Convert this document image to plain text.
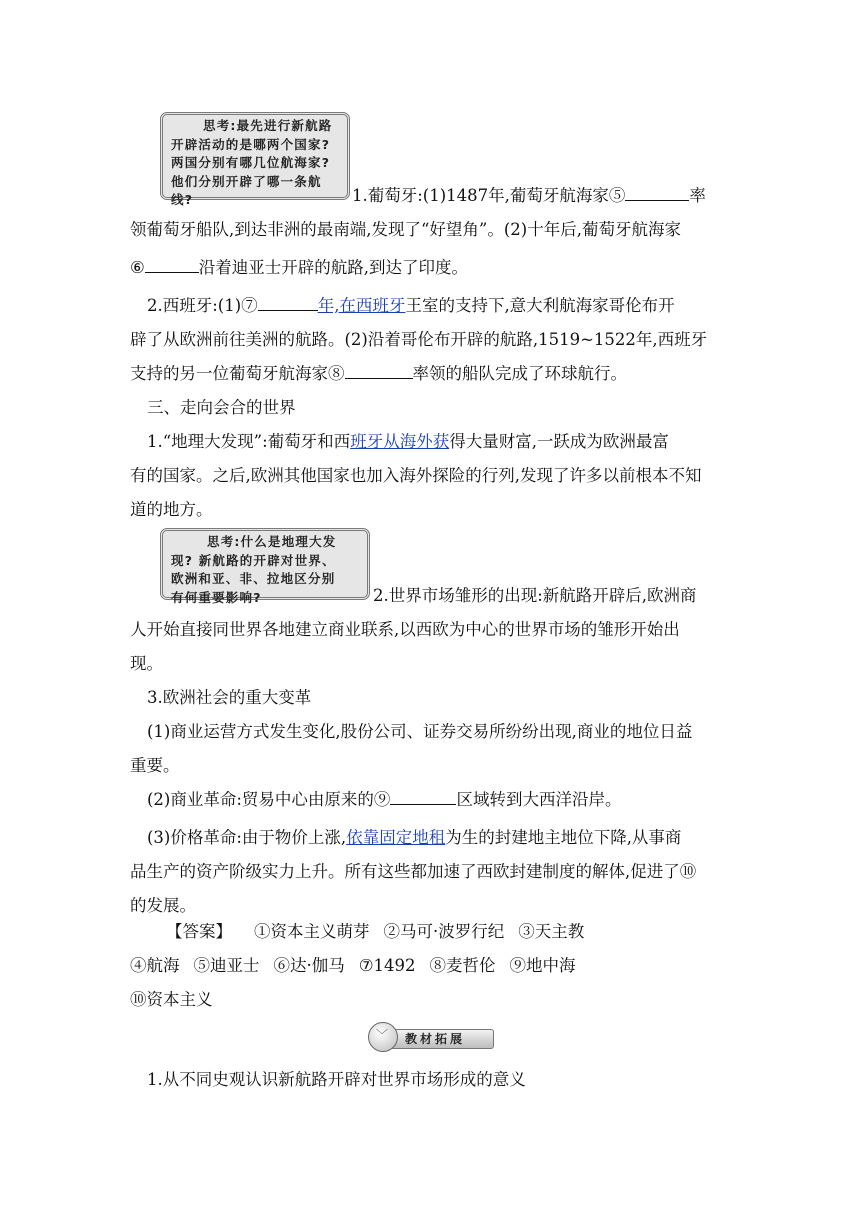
思考:最先进行新航路
开辟活动的是哪两个国家?
两国分别有哪几位航海家?
他们分别开辟了哪一条航
线?	1.葡萄牙:(1)1487年,葡萄牙航海家⑤	率
领葡萄牙船队,到达非洲的最南端,发现了“好望角”。(2)十年后,葡萄牙航海家
⑥	沿着迪亚士开辟的航路,到达了印度。
2.西班牙:(1)⑦	年,在西班牙王室的支持下,意大利航海家哥伦布开
辟了从欧洲前往美洲的航路。(2)沿着哥伦布开辟的航路,1519~1522年,西班牙
支持的另一位葡萄牙航海家⑧	率领的船队完成了环球航行。
三、走向会合的世界
1.“地理大发现”:葡萄牙和西班牙从海外获得大量财富,一跃成为欧洲最富
有的国家。之后,欧洲其他国家也加入海外探险的行列,发现了许多以前根本不知
道的地方。
思考:什么是地理大发
现? 新航路的开辟对世界、
欧洲和亚、非、拉地区分别
有何重要影响?	2.世界市场雏形的出现:新航路开辟后,欧洲商
人开始直接同世界各地建立商业联系,以西欧为中心的世界市场的雏形开始出
现。
3.欧洲社会的重大变革
(1)商业运营方式发生变化,股份公司、证券交易所纷纷出现,商业的地位日益
重要。
(2)商业革命:贸易中心由原来的⑨	区域转到大西洋沿岸。
(3)价格革命:由于物价上涨,依靠固定地租为生的封建地主地位下降,从事商
品生产的资产阶级实力上升。所有这些都加速了西欧封建制度的解体,促进了⑩
的发展。
【答案】 ①资本主义萌芽 ②马可·波罗行纪 ③天主教
④航海 ⑤迪亚士 ⑥达·伽马 ⑦1492 ⑧麦哲伦 ⑨地中海
⑩资本主义
教材拓展
﹀
1.从不同史观认识新航路开辟对世界市场形成的意义
